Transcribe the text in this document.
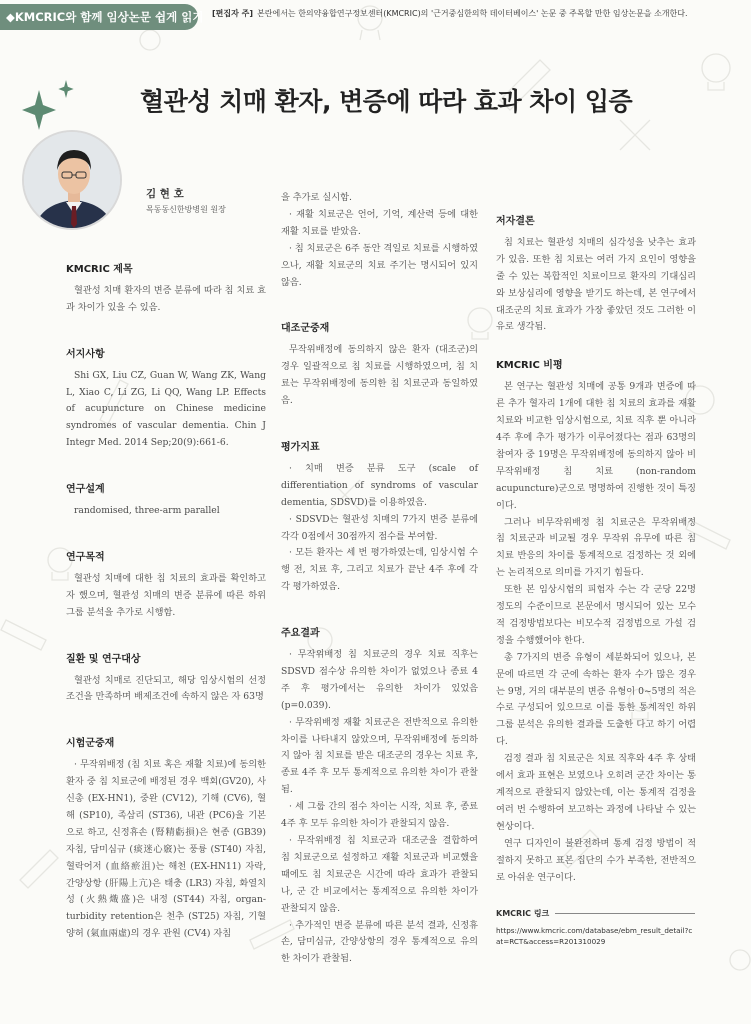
◆KMCRIC와 함께 임상논문 쉽게 읽기 [편집자 주] 본란에서는 한의약융합연구정보센터(KMCRIC)의 '근거중심한의학 데이터베이스' 논문 중 주목할 만한 임상논문을 소개한다.
혈관성 치매 환자, 변증에 따라 효과 차이 입증
김 현 호
목동동신한방병원 원장
KMCRIC 제목
혈관성 치매 환자의 변증 분류에 따라 침 치료 효과 차이가 있을 수 있음.
서지사항
Shi GX, Liu CZ, Guan W, Wang ZK, Wang L, Xiao C, Li ZG, Li QQ, Wang LP. Effects of acupuncture on Chinese medicine syndromes of vascular dementia. Chin J Integr Med. 2014 Sep;20(9):661-6.
연구설계
randomised, three-arm parallel
연구목적
혈관성 치매에 대한 침 치료의 효과를 확인하고자 했으며, 혈관성 치매의 변증 분류에 따른 하위 그룹 분석을 추가로 시행함.
질환 및 연구대상
혈관성 치매로 진단되고, 해당 임상시험의 선정조건을 만족하며 배제조건에 속하지 않은 자 63명
시험군중재
· 무작위배정 (침 치료 혹은 재활 치료)에 동의한 환자 중 침 치료군에 배정된 경우 백회(GV20), 사신총 (EX-HN1), 중완 (CV12), 기해 (CV6), 혈해 (SP10), 족삼리 (ST36), 내관 (PC6)을 기본으로 하고, 신정휴손 (腎精虧損)은 현종 (GB39) 자침, 담미심규 (痰迷心竅)는 풍륭 (ST40) 자침, 혈락어저 (血絡瘀沮)는 해천 (EX-HN11) 자락, 간양상항 (肝陽上亢)은 태충 (LR3) 자침, 화열치성 (火熱熾盛)은 내정 (ST44) 자침, organ-turbidity retention은 천추 (ST25) 자침, 기혈양허 (氣血兩虛)의 경우 관원 (CV4) 자침
을 추가로 실시함.
· 재활 치료군은 언어, 기억, 계산력 등에 대한 재활 치료를 받았음.
· 침 치료군은 6주 동안 격일로 치료를 시행하였으나, 재활 치료군의 치료 주기는 명시되어 있지 않음.
대조군중재
무작위배정에 동의하지 않은 환자 (대조군)의 경우 일괄적으로 침 치료를 시행하였으며, 침 치료는 무작위배정에 동의한 침 치료군과 동일하였음.
평가지표
· 치매 변증 분류 도구 (scale of differentiation of syndroms of vascular dementia, SDSVD)를 이용하였음.
· SDSVD는 혈관성 치매의 7가지 변증 분류에 각각 0점에서 30점까지 점수를 부여함.
· 모든 환자는 세 번 평가하였는데, 임상시험 수행 전, 치료 후, 그리고 치료가 끝난 4주 후에 각각 평가하였음.
주요결과
· 무작위배정 침 치료군의 경우 치료 직후는 SDSVD 점수상 유의한 차이가 없었으나 종료 4주 후 평가에서는 유의한 차이가 있었음(p=0.039).
· 무작위배정 재활 치료군은 전반적으로 유의한 차이를 나타내지 않았으며, 무작위배정에 동의하지 않아 침 치료를 받은 대조군의 경우는 치료 후, 종료 4주 후 모두 통계적으로 유의한 차이가 관찰됨.
· 세 그룹 간의 점수 차이는 시작, 치료 후, 종료 4주 후 모두 유의한 차이가 관찰되지 않음.
· 무작위배정 침 치료군과 대조군을 결합하여 침 치료군으로 설정하고 재활 치료군과 비교했을 때에도 침 치료군은 시간에 따라 효과가 관찰되나, 군 간 비교에서는 통계적으로 유의한 차이가 관찰되지 않음.
· 추가적인 변증 분류에 따른 분석 결과, 신정휴손, 담미심규, 간양상항의 경우 통계적으로 유의한 차이가 관찰됨.
저자결론
침 치료는 혈관성 치매의 심각성을 낮추는 효과가 있음. 또한 침 치료는 여러 가지 요인이 영향을 줄 수 있는 복합적인 치료이므로 환자의 기대심리와 보상심리에 영향을 받기도 하는데, 본 연구에서 대조군의 치료 효과가 가장 좋았던 것도 그러한 이유로 생각됨.
KMCRIC 비평
본 연구는 혈관성 치매에 공통 9개과 변증에 따른 추가 혈자리 1개에 대한 침 치료의 효과를 재활 치료와 비교한 임상시험으로, 치료 직후 뿐 아니라 4주 후에 추가 평가가 이루어졌다는 점과 63명의 참여자 중 19명은 무작위배정에 동의하지 않아 비무작위배정 침 치료 (non-random acupuncture)군으로 명명하여 진행한 것이 특징이다.
그러나 비무작위배정 침 치료군은 무작위배정 침 치료군과 비교될 경우 무작위 유무에 따른 침 치료 반응의 차이를 통계적으로 검정하는 것 외에는 논리적으로 의미를 가지기 힘들다.
또한 본 임상시험의 피험자 수는 각 군당 22명 정도의 수준이므로 본문에서 명시되어 있는 모수적 검정방법보다는 비모수적 검정법으로 가설 검정을 수행했어야 한다.
총 7가지의 변증 유형이 세분화되어 있으나, 본문에 따르면 각 군에 속하는 환자 수가 많은 경우는 9명, 거의 대부분의 변증 유형이 0~5명의 적은 수로 구성되어 있으므로 이를 통한 통계적인 하위 그룹 분석은 유의한 결과를 도출한 다고 하기 어렵다.
검정 결과 침 치료군은 치료 직후와 4주 후 상태에서 효과 표현은 보였으나 오히려 군간 차이는 통계적으로 관찰되지 않았는데, 이는 통계적 검정을 여러 번 수행하여 보고하는 과정에 나타날 수 있는 현상이다.
연구 디자인이 불완전하며 통계 검정 방법이 적절하지 못하고 표본 집단의 수가 부족한, 전반적으로 아쉬운 연구이다.
KMCRIC 링크
https://www.kmcric.com/database/ebm_result_detail?cat=RCT&access=R201310029
